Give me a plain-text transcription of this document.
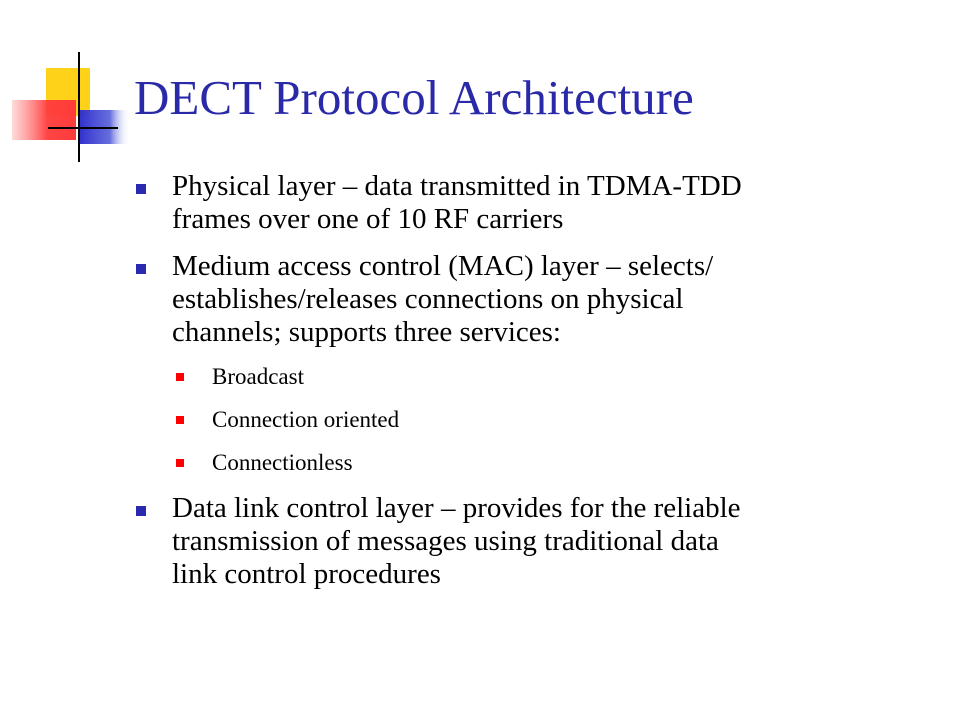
DECT Protocol Architecture
Physical layer – data transmitted in TDMA-TDD
frames over one of 10 RF carriers
Medium access control (MAC) layer – selects/
establishes/releases connections on physical
channels; supports three services:
Broadcast
Connection oriented
Connectionless
Data link control layer – provides for the reliable
transmission of messages using traditional data
link control procedures
